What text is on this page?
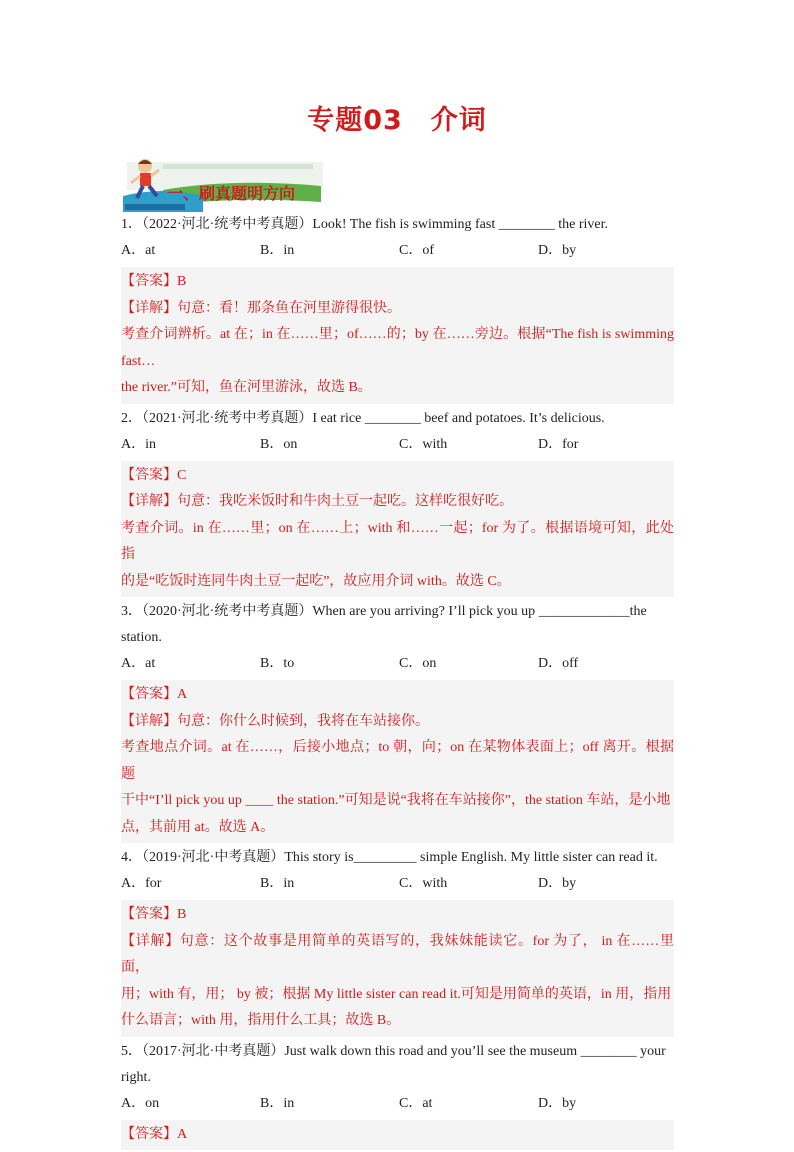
专题03　介词
一、刷真题明方向
1．（2022·河北·统考中考真题）Look! The fish is swimming fast ________ the river.
A．at	B．in	C．of	D．by
【答案】B
【详解】句意：看！那条鱼在河里游得很快。
考查介词辨析。at 在；in 在……里；of……的；by 在……旁边。根据“The fish is swimming fast…
the river.”可知，鱼在河里游泳，故选 B。
2．（2021·河北·统考中考真题）I eat rice ________ beef and potatoes. It’s delicious.
A．in	B．on	C．with	D．for
【答案】C
【详解】句意：我吃米饭时和牛肉土豆一起吃。这样吃很好吃。
考查介词。in 在……里；on 在……上；with 和……一起；for 为了。根据语境可知，此处指
的是“吃饭时连同牛肉土豆一起吃”，故应用介词 with。故选 C。
3．（2020·河北·统考中考真题）When are you arriving? I’ll pick you up _____________the
station.
A．at	B．to	C．on	D．off
【答案】A
【详解】句意：你什么时候到，我将在车站接你。
考查地点介词。at 在……，后接小地点；to 朝，向；on 在某物体表面上；off 离开。根据题
干中“I’ll pick you up ____ the station.”可知是说“我将在车站接你”，the station 车站，是小地
点，其前用 at。故选 A。
4．（2019·河北·中考真题）This story is_________ simple English. My little sister can read it.
A．for	B．in	C．with	D．by
【答案】B
【详解】句意：这个故事是用简单的英语写的，我妹妹能读它。for 为了， in 在……里面，
用；with 有，用； by 被；根据 My little sister can read it.可知是用简单的英语，in 用，指用
什么语言；with 用，指用什么工具；故选 B。
5．（2017·河北·中考真题）Just walk down this road and you’ll see the museum ________ your
right.
A．on	B．in	C．at	D．by
【答案】A
